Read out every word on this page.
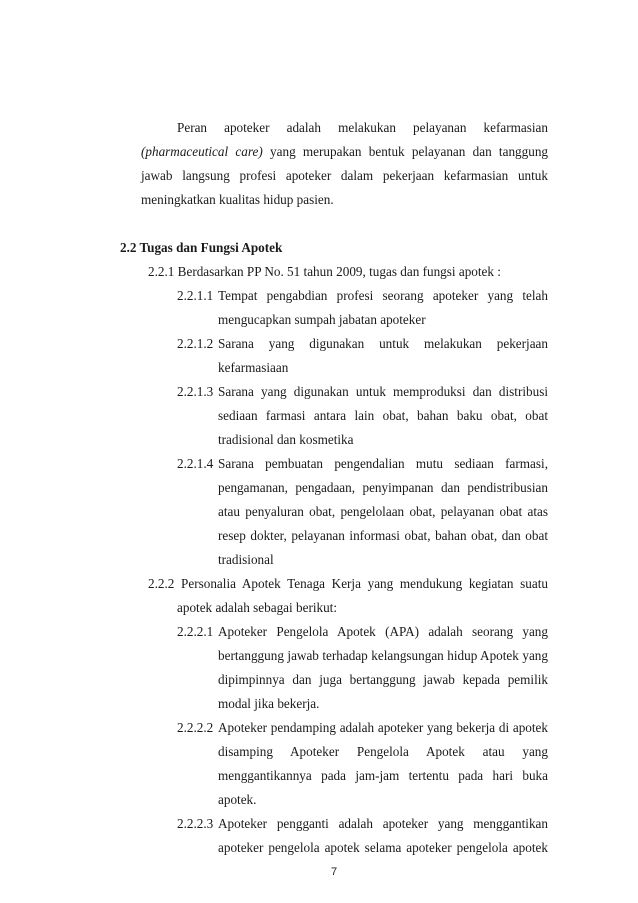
Peran apoteker adalah melakukan pelayanan kefarmasian
(pharmaceutical care) yang merupakan bentuk pelayanan dan tanggung
jawab langsung profesi apoteker dalam pekerjaan kefarmasian untuk
meningkatkan kualitas hidup pasien.
2.2 Tugas dan Fungsi Apotek
2.2.1 Berdasarkan PP No. 51 tahun 2009, tugas dan fungsi apotek :
2.2.1.1 Tempat pengabdian profesi seorang apoteker yang telah
mengucapkan sumpah jabatan apoteker
2.2.1.2 Sarana yang digunakan untuk melakukan pekerjaan
kefarmasiaan
2.2.1.3 Sarana yang digunakan untuk memproduksi dan distribusi
sediaan farmasi antara lain obat, bahan baku obat, obat
tradisional dan kosmetika
2.2.1.4 Sarana pembuatan pengendalian mutu sediaan farmasi,
pengamanan, pengadaan, penyimpanan dan pendistribusian
atau penyaluran obat, pengelolaan obat, pelayanan obat atas
resep dokter, pelayanan informasi obat, bahan obat, dan obat
tradisional
2.2.2 Personalia Apotek Tenaga Kerja yang mendukung kegiatan suatu
apotek adalah sebagai berikut:
2.2.2.1 Apoteker Pengelola Apotek (APA) adalah seorang yang
bertanggung jawab terhadap kelangsungan hidup Apotek yang
dipimpinnya dan juga bertanggung jawab kepada pemilik
modal jika bekerja.
2.2.2.2 Apoteker pendamping adalah apoteker yang bekerja di apotek
disamping Apoteker Pengelola Apotek atau yang
menggantikannya pada jam-jam tertentu pada hari buka
apotek.
2.2.2.3 Apoteker pengganti adalah apoteker yang menggantikan
apoteker pengelola apotek selama apoteker pengelola apotek
7
